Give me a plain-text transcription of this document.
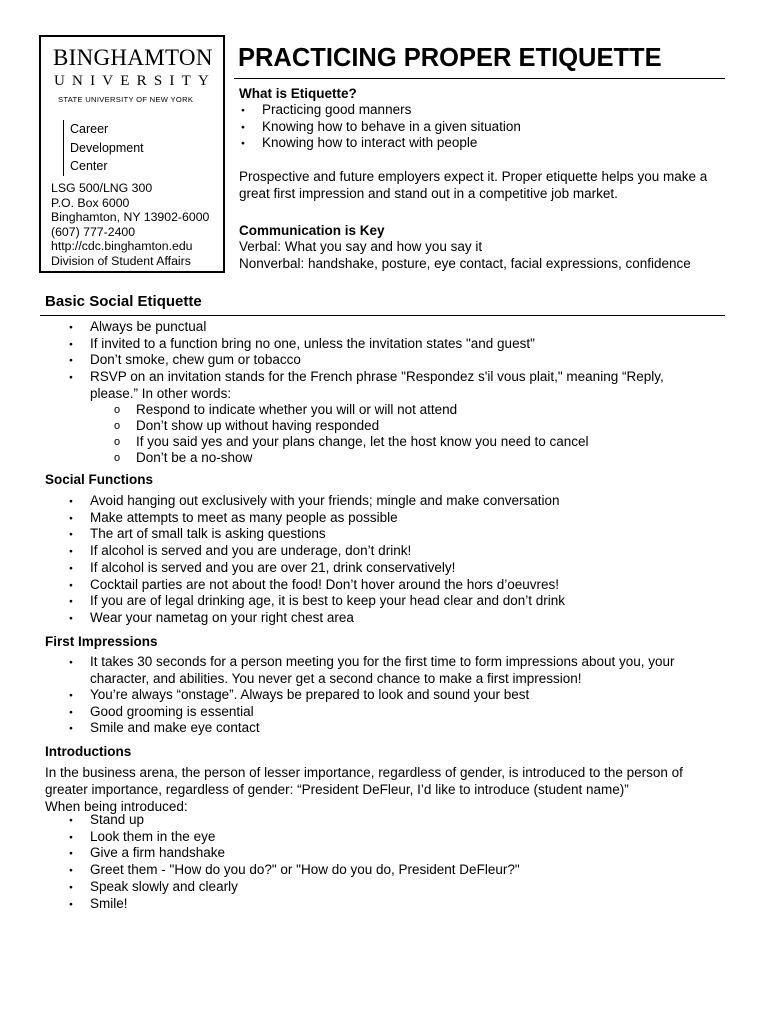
BINGHAMTON
UNIVERSITY
STATE UNIVERSITY OF NEW YORK
Career
Development
Center
LSG 500/LNG 300
P.O. Box 6000
Binghamton, NY 13902-6000
(607) 777-2400
http://cdc.binghamton.edu
Division of Student Affairs
PRACTICING PROPER ETIQUETTE
What is Etiquette?
● Practicing good manners
● Knowing how to behave in a given situation
● Knowing how to interact with people
Prospective and future employers expect it. Proper etiquette helps you make a
great first impression and stand out in a competitive job market.
Communication is Key
Verbal: What you say and how you say it
Nonverbal: handshake, posture, eye contact, facial expressions, confidence
Basic Social Etiquette
● Always be punctual
● If invited to a function bring no one, unless the invitation states "and guest"
● Don’t smoke, chew gum or tobacco
● RSVP on an invitation stands for the French phrase "Respondez s'il vous plait," meaning “Reply,
please.” In other words:
o Respond to indicate whether you will or will not attend
o Don’t show up without having responded
o If you said yes and your plans change, let the host know you need to cancel
o Don’t be a no-show
Social Functions
● Avoid hanging out exclusively with your friends; mingle and make conversation
● Make attempts to meet as many people as possible
● The art of small talk is asking questions
● If alcohol is served and you are underage, don’t drink!
● If alcohol is served and you are over 21, drink conservatively!
● Cocktail parties are not about the food! Don’t hover around the hors d’oeuvres!
● If you are of legal drinking age, it is best to keep your head clear and don’t drink
● Wear your nametag on your right chest area
First Impressions
● It takes 30 seconds for a person meeting you for the first time to form impressions about you, your
character, and abilities. You never get a second chance to make a first impression!
● You’re always “onstage”. Always be prepared to look and sound your best
● Good grooming is essential
● Smile and make eye contact
Introductions
In the business arena, the person of lesser importance, regardless of gender, is introduced to the person of
greater importance, regardless of gender: “President DeFleur, I’d like to introduce (student name)”
When being introduced:
● Stand up
● Look them in the eye
● Give a firm handshake
● Greet them - "How do you do?" or "How do you do, President DeFleur?"
● Speak slowly and clearly
● Smile!
